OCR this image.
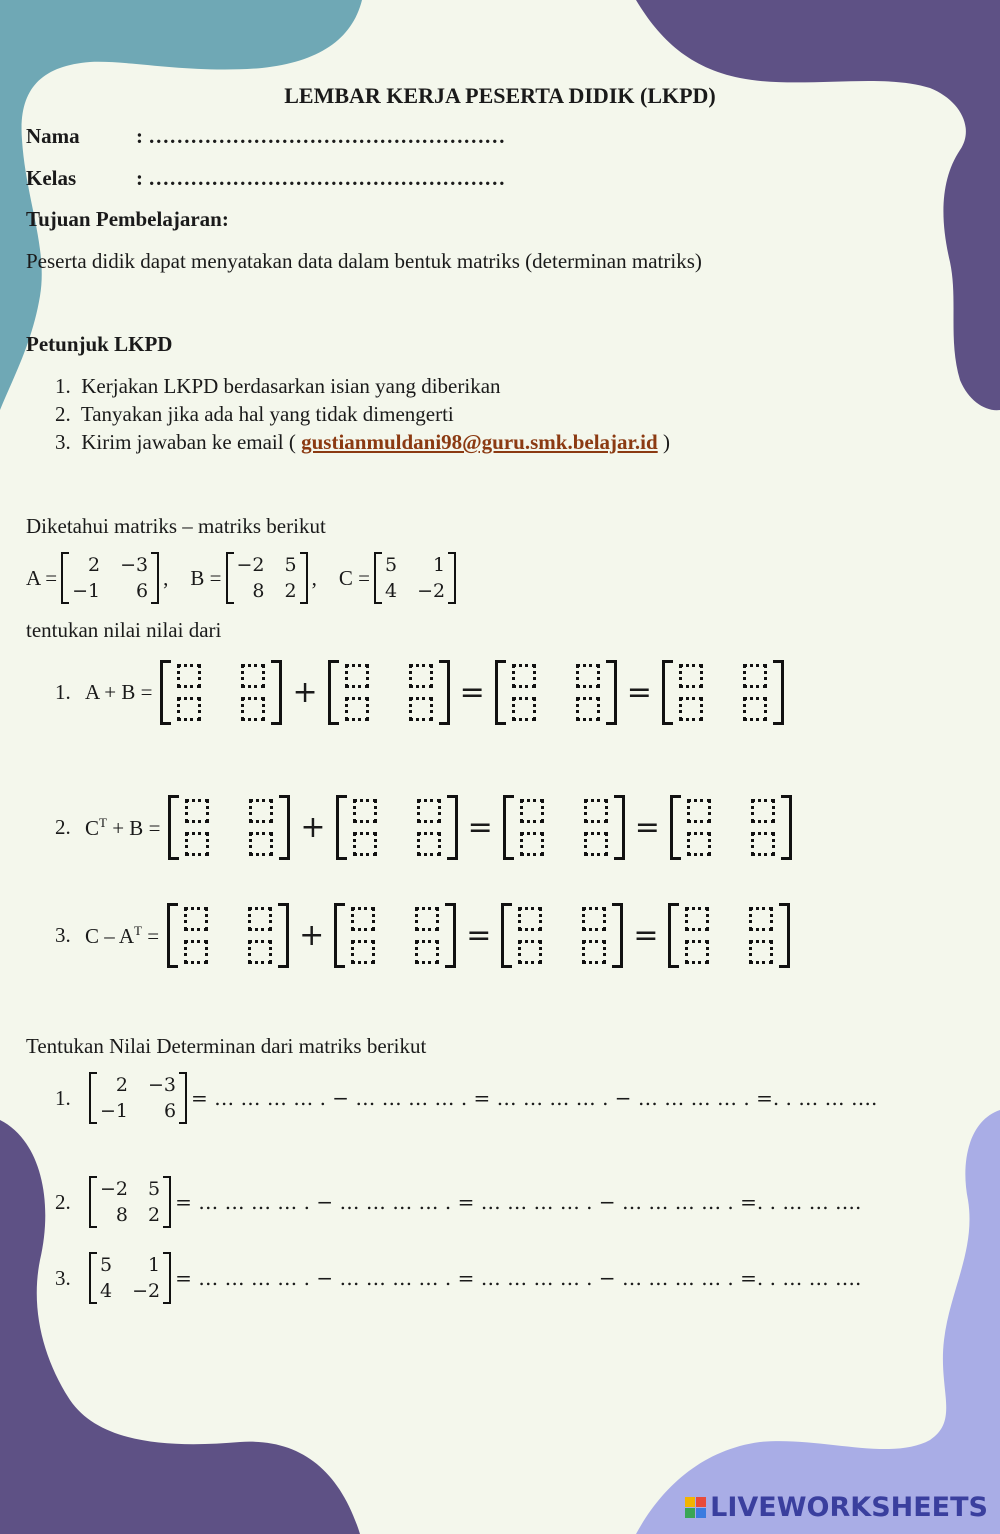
LEMBAR KERJA PESERTA DIDIK (LKPD)
Nama	: ……………………………………………
Kelas	: ……………………………………………
Tujuan Pembelajaran:
Peserta didik dapat menyatakan data dalam bentuk matriks (determinan matriks)
Petunjuk LKPD
1. Kerjakan LKPD berdasarkan isian yang diberikan
2. Tanyakan jika ada hal yang tidak dimengerti
3. Kirim jawaban ke email ( gustianmuldani98@guru.smk.belajar.id )
Diketahui matriks – matriks berikut
A =
2 −3
−1	6
, B =
−2 5
8 2
, C =
5	1
4 −2
tentukan nilai nilai dari
1. A + B =	+	=	=
2. $C^T + B$ =	+	=	=
3. C – $A^T$ =	+	=	=
Tentukan Nilai Determinan dari matriks berikut
1.
2 −3
−1	6
= … … … … . − … … … … . = … … … … . − … … … … . =. . … … ….
2.
−2 5
8 2
= … … … … . − … … … … . = … … … … . − … … … … . =. . … … ….
3.
5	1
4 −2
= … … … … . − … … … … . = … … … … . − … … … … . =. . … … ….
LIVEWORKSHEETS
